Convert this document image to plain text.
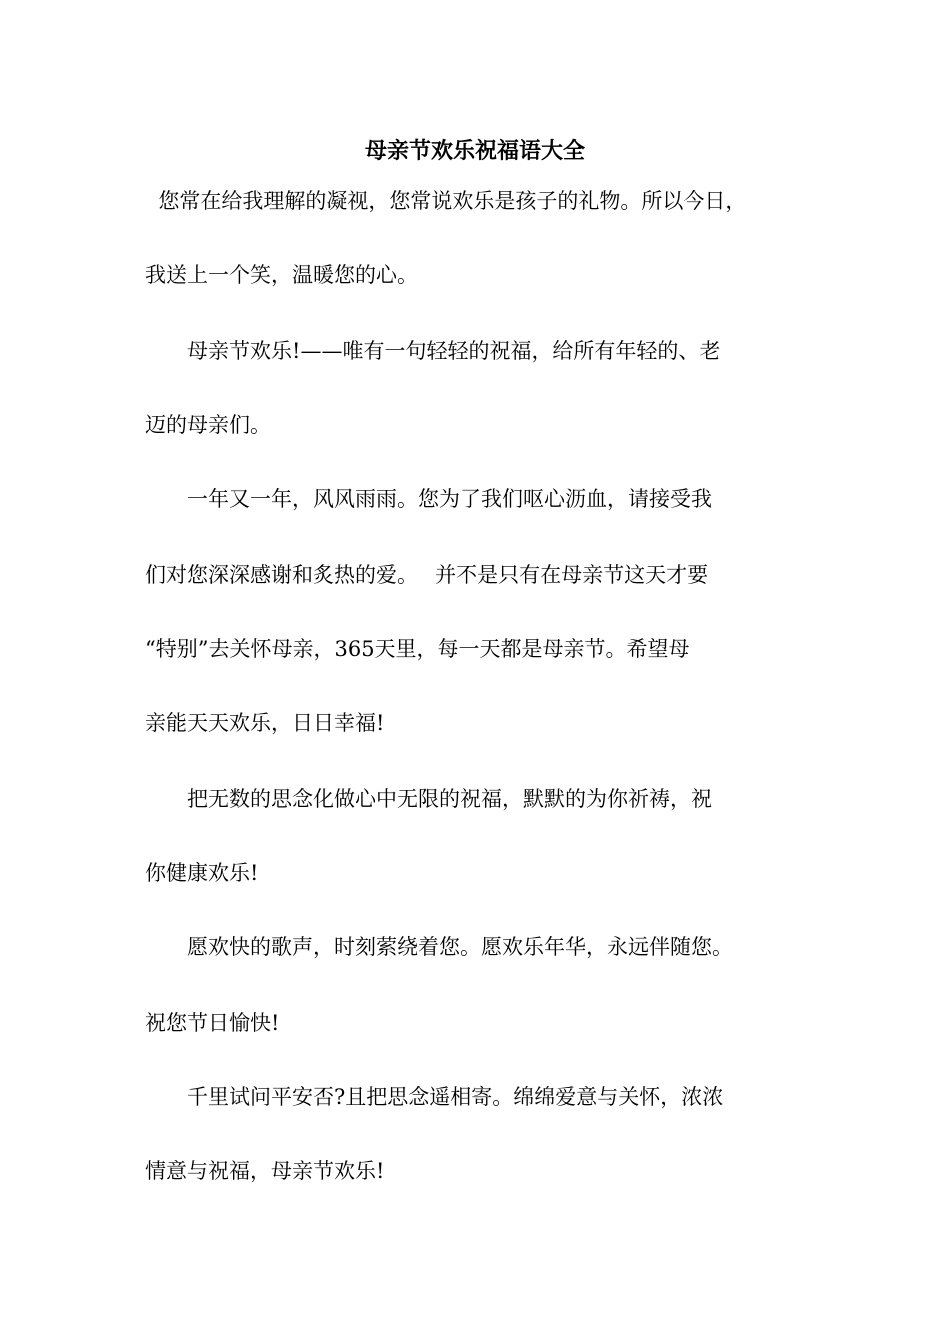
母亲节欢乐祝福语大全

您常在给我理解的凝视，您常说欢乐是孩子的礼物。所以今日，

我送上一个笑，温暖您的心。

　　母亲节欢乐!——唯有一句轻轻的祝福，给所有年轻的、老

迈的母亲们。

　　一年又一年，风风雨雨。您为了我们呕心沥血，请接受我

们对您深深感谢和炙热的爱。　 并不是只有在母亲节这天才要

“特别”去关怀母亲，365天里，每一天都是母亲节。希望母

亲能天天欢乐，日日幸福!

　　把无数的思念化做心中无限的祝福，默默的为你祈祷，祝

你健康欢乐!

　　愿欢快的歌声，时刻萦绕着您。愿欢乐年华，永远伴随您。

祝您节日愉快!

　　千里试问平安否?且把思念遥相寄。绵绵爱意与关怀，浓浓

情意与祝福，母亲节欢乐!
